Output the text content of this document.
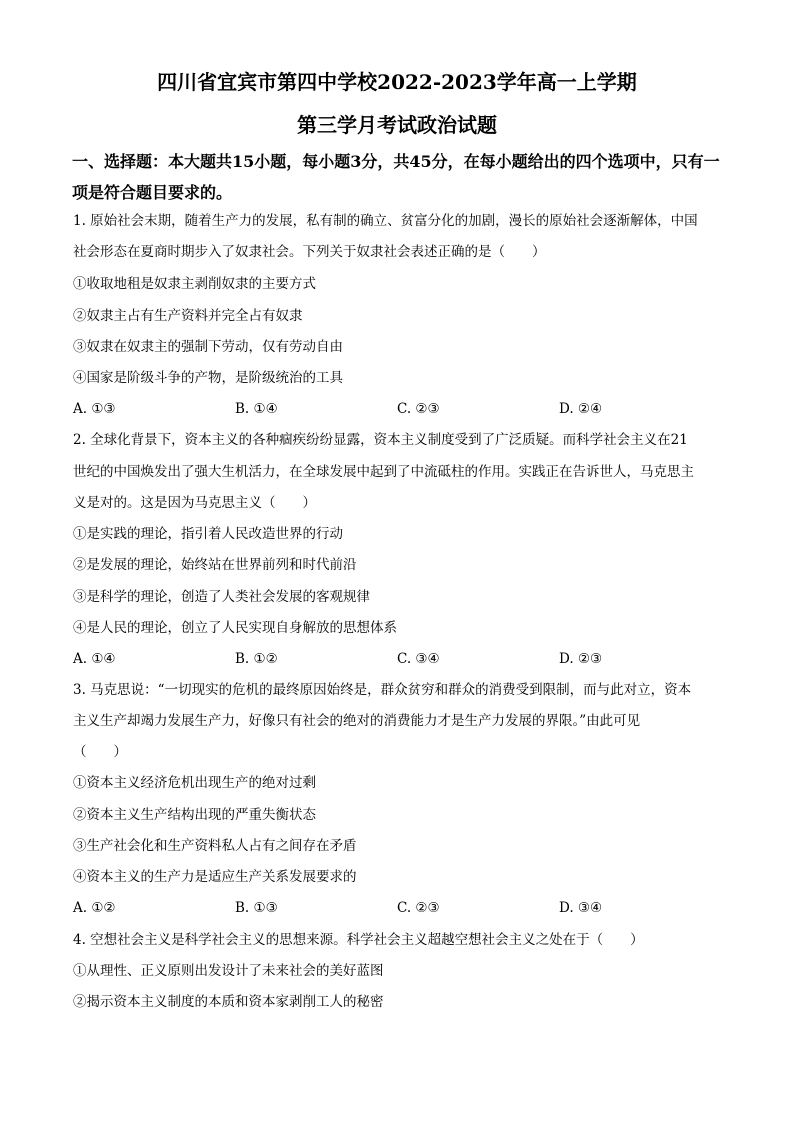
四川省宜宾市第四中学校2022-2023学年高一上学期
第三学月考试政治试题
一、选择题：本大题共15小题，每小题3分，共45分，在每小题给出的四个选项中，只有一项是符合题目要求的。
1. 原始社会末期，随着生产力的发展，私有制的确立、贫富分化的加剧，漫长的原始社会逐渐解体，中国
社会形态在夏商时期步入了奴隶社会。下列关于奴隶社会表述正确的是（　　）
①收取地租是奴隶主剥削奴隶的主要方式
②奴隶主占有生产资料并完全占有奴隶
③奴隶在奴隶主的强制下劳动，仅有劳动自由
④国家是阶级斗争的产物，是阶级统治的工具
A. ①③	B. ①④	C. ②③	D. ②④
2. 全球化背景下，资本主义的各种痼疾纷纷显露，资本主义制度受到了广泛质疑。而科学社会主义在21
世纪的中国焕发出了强大生机活力，在全球发展中起到了中流砥柱的作用。实践正在告诉世人，马克思主
义是对的。这是因为马克思主义（　　）
①是实践的理论，指引着人民改造世界的行动
②是发展的理论，始终站在世界前列和时代前沿
③是科学的理论，创造了人类社会发展的客观规律
④是人民的理论，创立了人民实现自身解放的思想体系
A. ①④	B. ①②	C. ③④	D. ②③
3. 马克思说：“一切现实的危机的最终原因始终是，群众贫穷和群众的消费受到限制，而与此对立，资本
主义生产却竭力发展生产力，好像只有社会的绝对的消费能力才是生产力发展的界限。”由此可见
（　　）
①资本主义经济危机出现生产的绝对过剩
②资本主义生产结构出现的严重失衡状态
③生产社会化和生产资料私人占有之间存在矛盾
④资本主义的生产力是适应生产关系发展要求的
A. ①②	B. ①③	C. ②③	D. ③④
4. 空想社会主义是科学社会主义的思想来源。科学社会主义超越空想社会主义之处在于（　　）
①从理性、正义原则出发设计了未来社会的美好蓝图
②揭示资本主义制度的本质和资本家剥削工人的秘密
